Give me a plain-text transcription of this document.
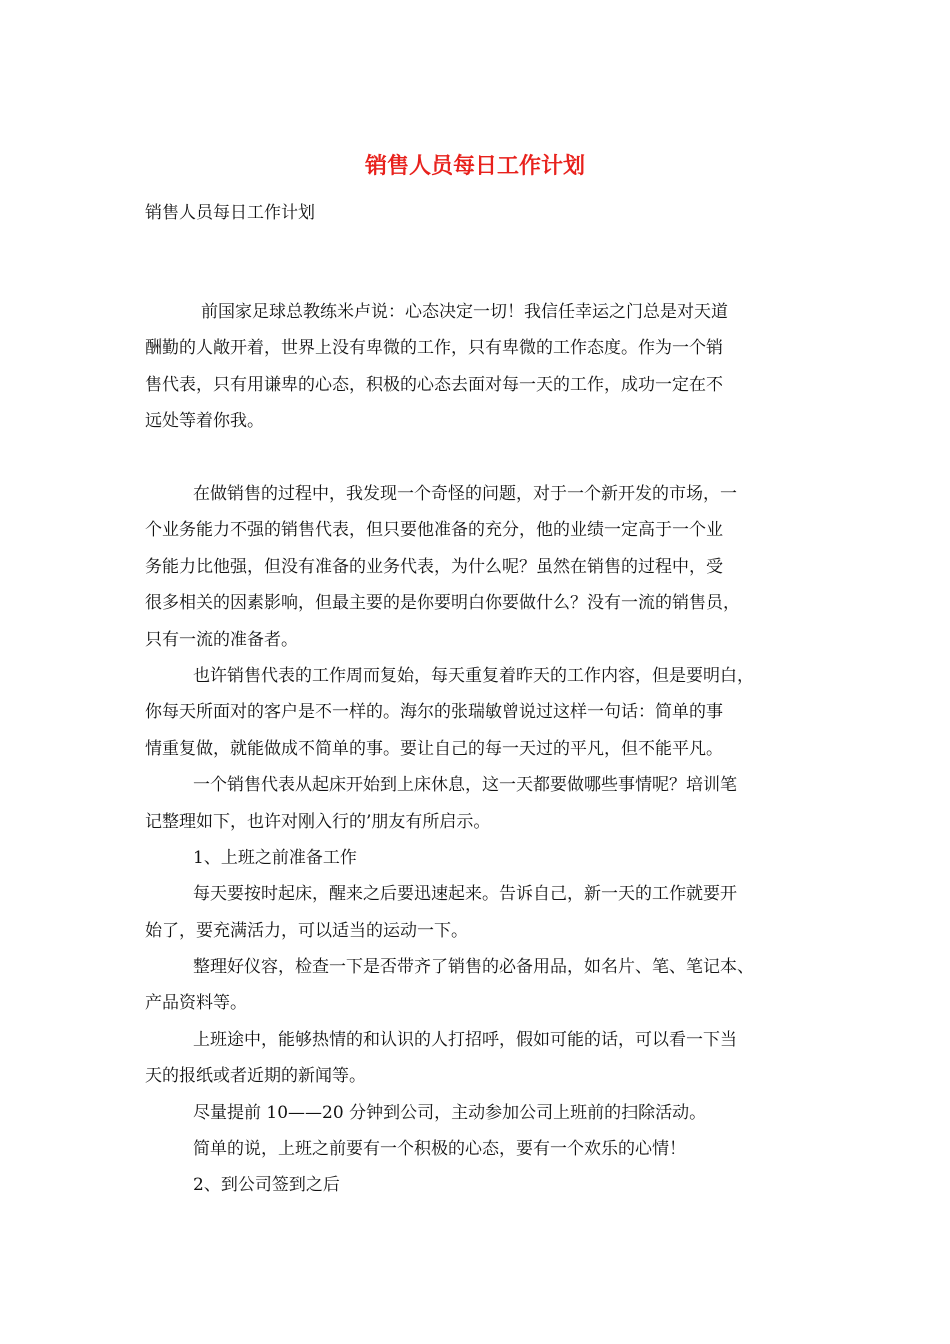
销售人员每日工作计划
销售人员每日工作计划
前国家足球总教练米卢说：心态决定一切！我信任幸运之门总是对天道
酬勤的人敞开着，世界上没有卑微的工作，只有卑微的工作态度。作为一个销
售代表，只有用谦卑的心态，积极的心态去面对每一天的工作，成功一定在不
远处等着你我。
在做销售的过程中，我发现一个奇怪的问题，对于一个新开发的市场，一
个业务能力不强的销售代表，但只要他准备的充分，他的业绩一定高于一个业
务能力比他强，但没有准备的业务代表，为什么呢？虽然在销售的过程中，受
很多相关的因素影响，但最主要的是你要明白你要做什么？没有一流的销售员，
只有一流的准备者。
也许销售代表的工作周而复始，每天重复着昨天的工作内容，但是要明白，
你每天所面对的客户是不一样的。海尔的张瑞敏曾说过这样一句话：简单的事
情重复做，就能做成不简单的事。要让自己的每一天过的平凡，但不能平凡。
一个销售代表从起床开始到上床休息，这一天都要做哪些事情呢？培训笔
记整理如下，也许对刚入行的’朋友有所启示。
1、上班之前准备工作
每天要按时起床，醒来之后要迅速起来。告诉自己，新一天的工作就要开
始了，要充满活力，可以适当的运动一下。
整理好仪容，检查一下是否带齐了销售的必备用品，如名片、笔、笔记本、
产品资料等。
上班途中，能够热情的和认识的人打招呼，假如可能的话，可以看一下当
天的报纸或者近期的新闻等。
尽量提前 10——20 分钟到公司，主动参加公司上班前的扫除活动。
简单的说，上班之前要有一个积极的心态，要有一个欢乐的心情！
2、到公司签到之后
